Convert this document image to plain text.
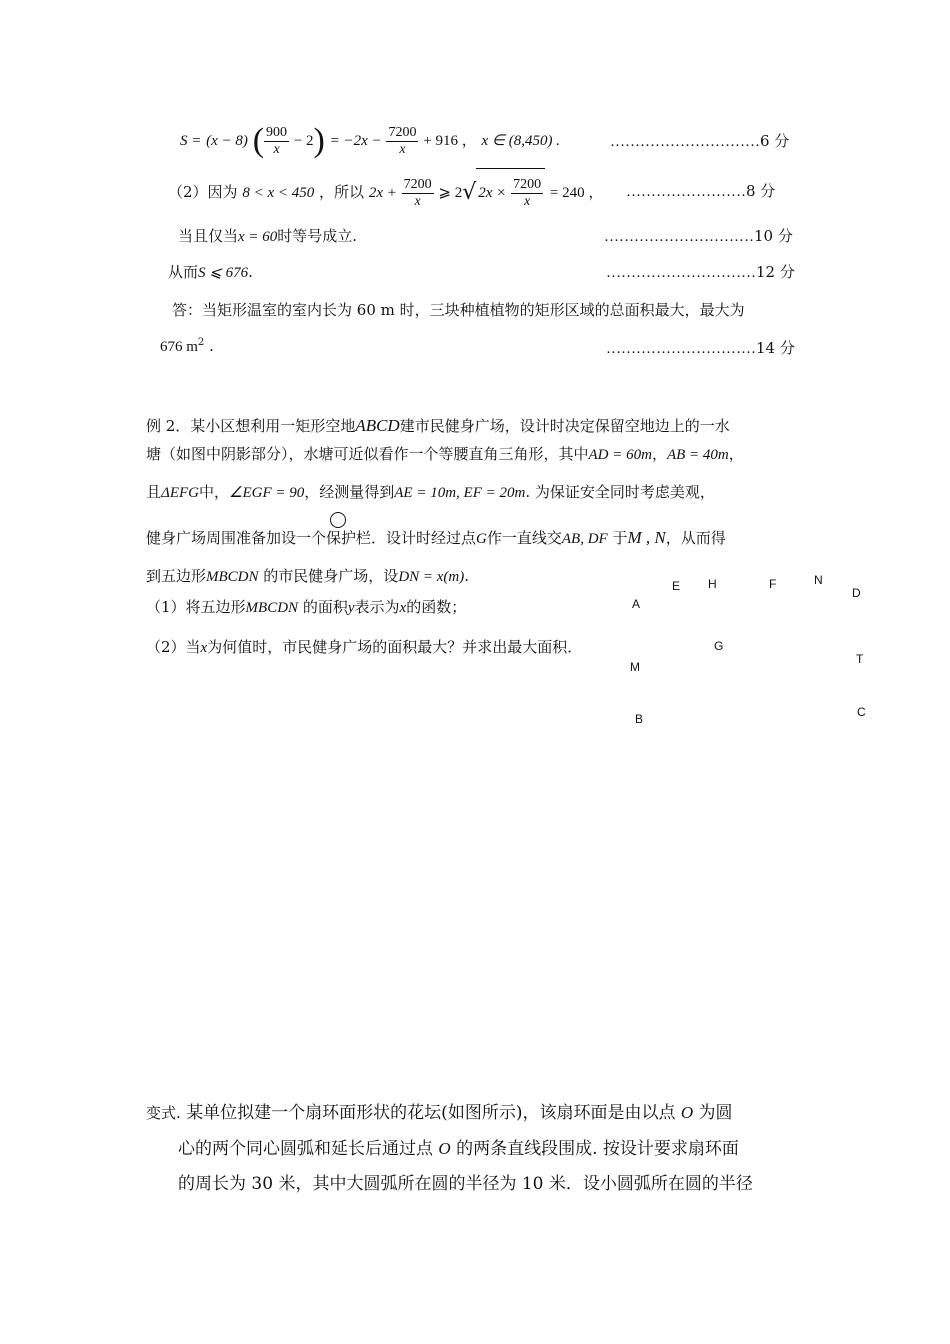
S = (x − 8) ( $\frac{900}{x} - 2) = -2x - \frac{7200}{x} + 916$ ， x ∈ (8,450) .	…………………………6 分
（2）因为 8 < x < 450 ，所以 $2x + \frac{7200}{x}$ ⩾ 2√ $2x \times \frac{7200}{x} = 240$ ， ……………………8 分
当且仅当x = 60时等号成立.	…………………………10 分
从而S ⩽ 676.	…………………………12 分
答：当矩形温室的室内长为 60 m 时，三块种植植物的矩形区域的总面积最大，最大为
676 $m^2$ .	…………………………14 分
例 2．某小区想利用一矩形空地ABCD建市民健身广场，设计时决定保留空地边上的一水
塘（如图中阴影部分），水塘可近似看作一个等腰直角三角形，其中AD = 60m，AB = 40m，
且ΔEFG中，∠EGF = 90，经测量得到AE = 10m, EF = 20m. 为保证安全同时考虑美观，
健身广场周围准备加设一个保护栏．设计时经过点G作一直线交AB, DF 于M , N，从而得
到五边形MBCDN 的市民健身广场，设DN = x(m).
（1）将五边形MBCDN 的面积y表示为x的函数；
（2）当x为何值时，市民健身广场的面积最大？并求出最大面积．
E H	F	N
D
A
G
T
M
C
B
变式. 某单位拟建一个扇环面形状的花坛(如图所示)，该扇环面是由以点 O 为圆
心的两个同心圆弧和延长后通过点 O 的两条直线段围成. 按设计要求扇环面
的周长为 30 米，其中大圆弧所在圆的半径为 10 米．设小圆弧所在圆的半径
